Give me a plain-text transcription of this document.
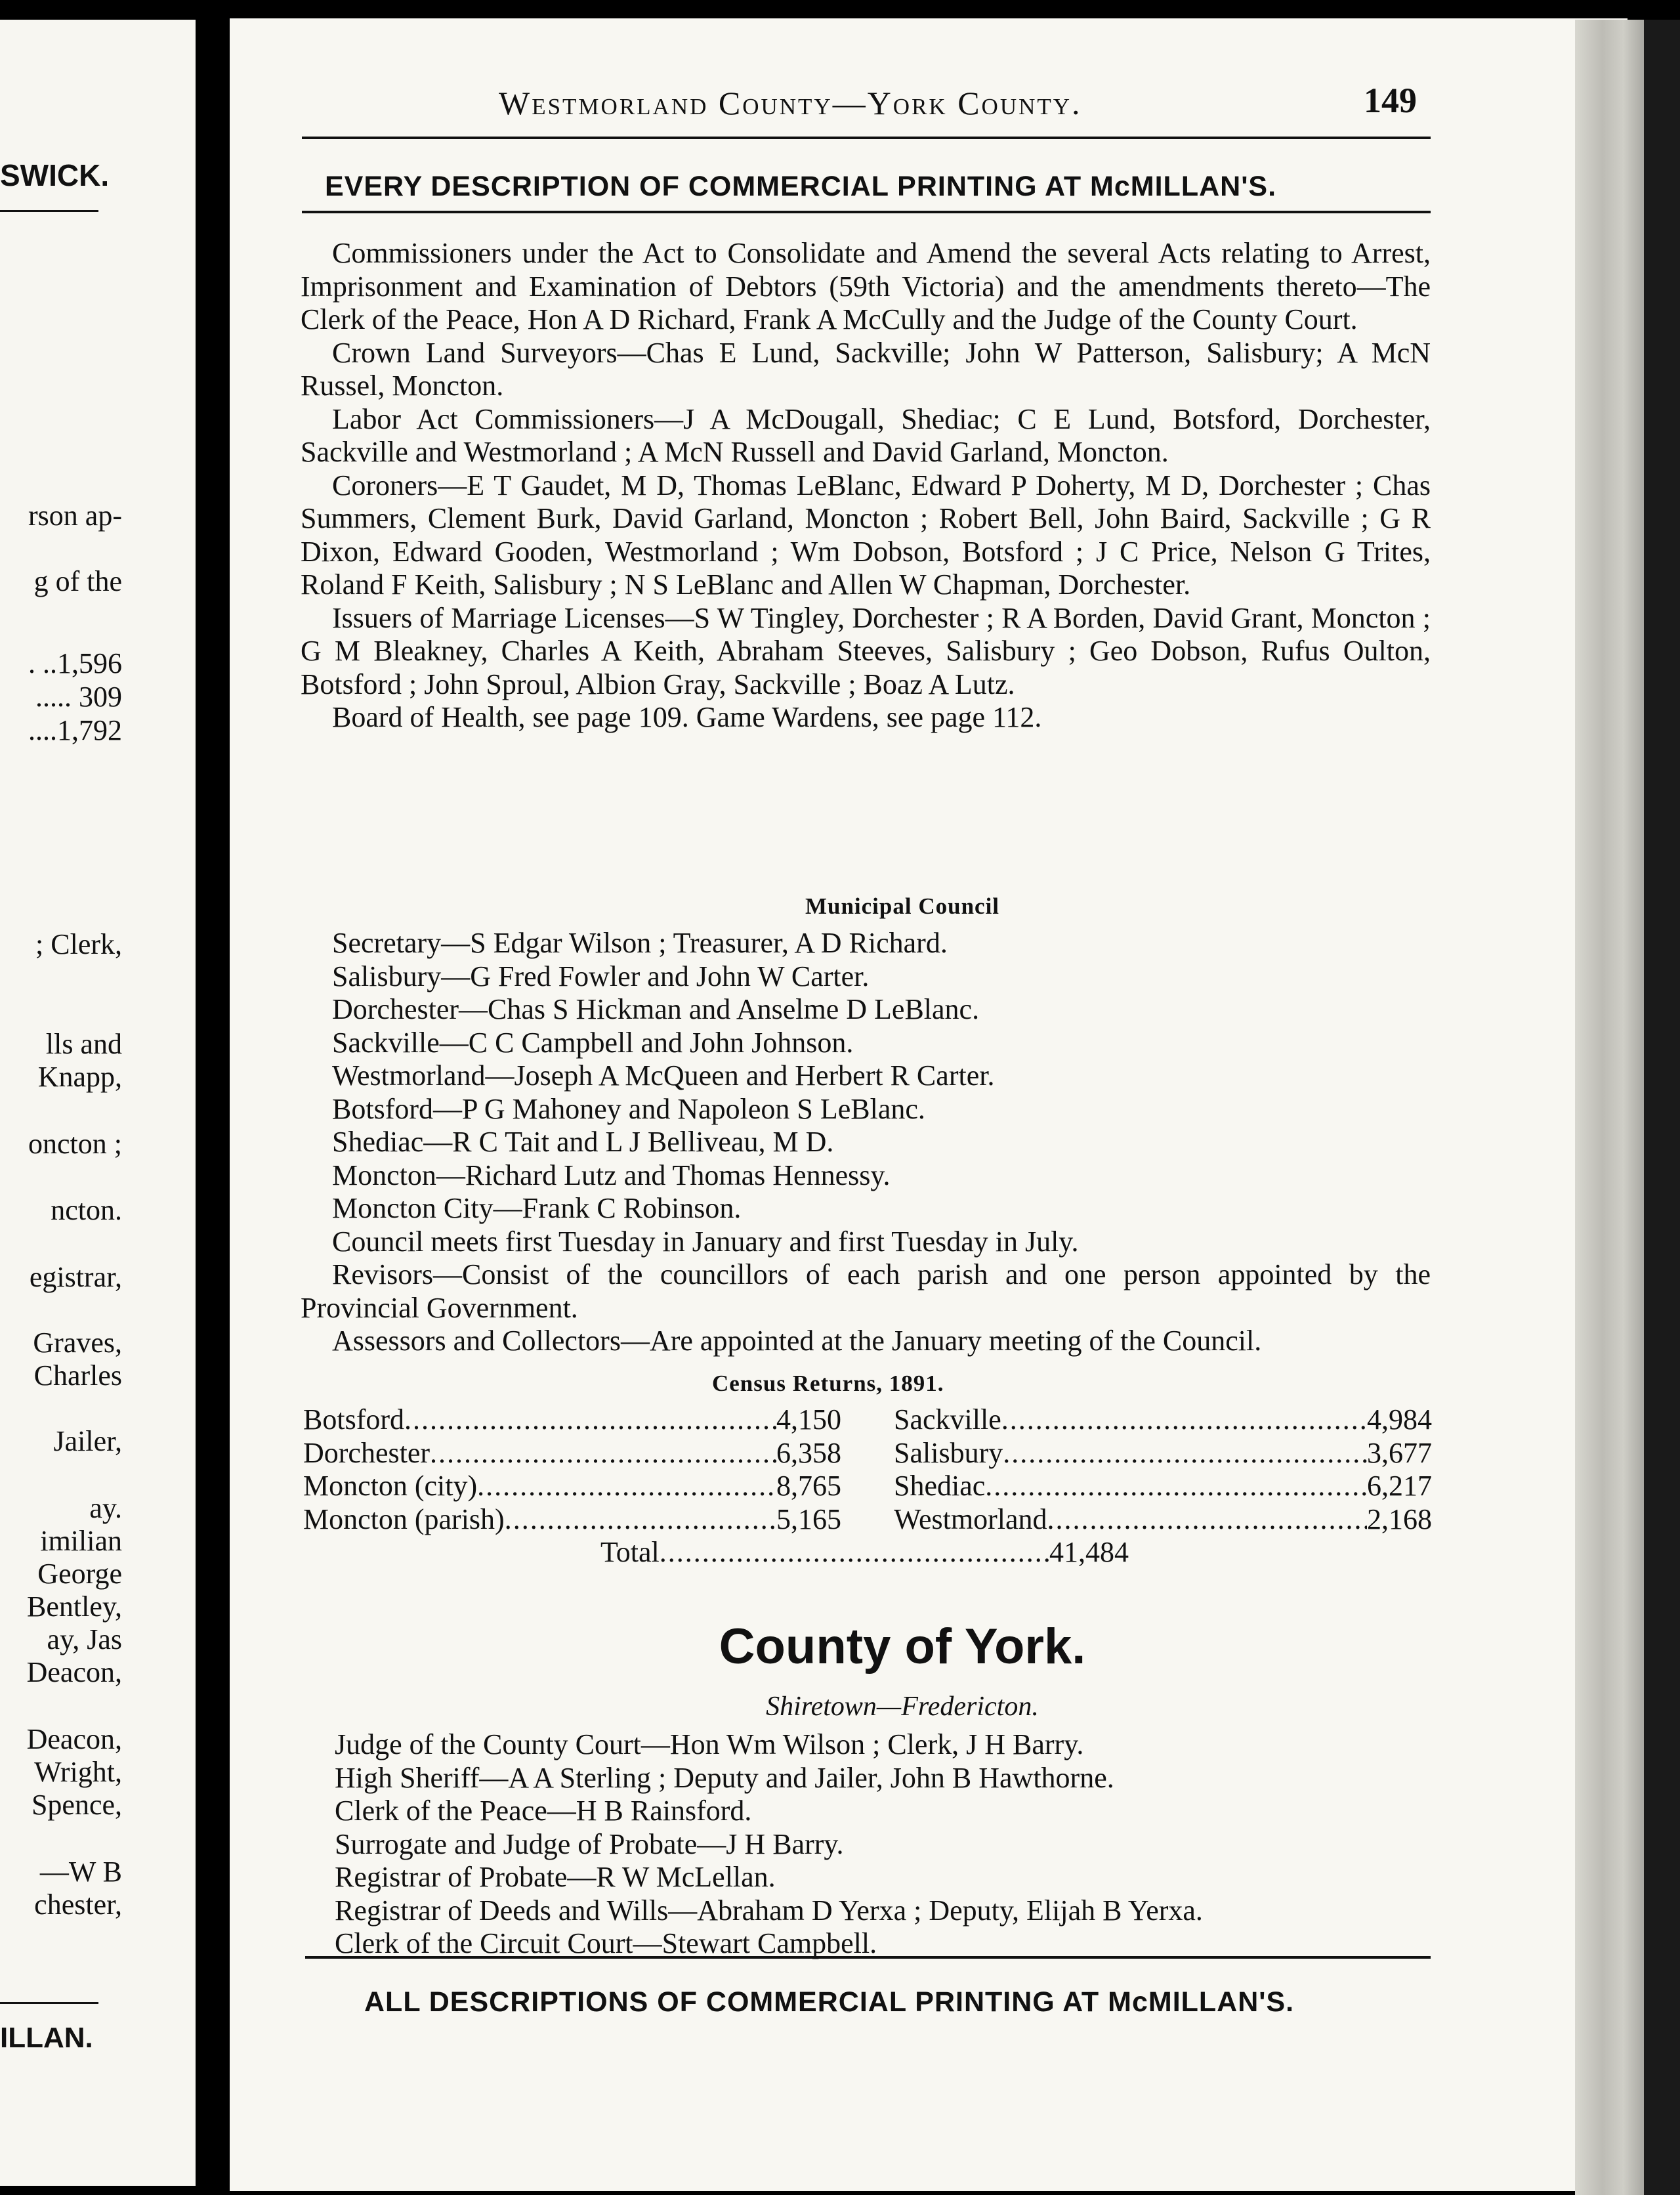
SWICK.
rson ap-
g of the
. ..1,596
..... 309
....1,792
; Clerk,
lls and
Knapp,
oncton ;
ncton.
egistrar,
Graves,
Charles
Jailer,
ay.
imilian
George
Bentley,
ay, Jas
Deacon,
Deacon,
Wright,
Spence,
—W B
chester,
ILLAN.
Westmorland County—York County.	149
EVERY DESCRIPTION OF COMMERCIAL PRINTING AT McMILLAN'S.

Commissioners under the Act to Consolidate and Amend the several Acts relating to Arrest, Imprisonment and Examination of Debtors (59th Victoria) and the amendments thereto—The Clerk of the Peace, Hon A D Richard, Frank A McCully and the Judge of the County Court.

Crown Land Surveyors—Chas E Lund, Sackville; John W Patterson, Salisbury; A McN Russel, Moncton.

Labor Act Commissioners—J A McDougall, Shediac; C E Lund, Botsford, Dorchester, Sackville and Westmorland ; A McN Russell and David Garland, Moncton.

Coroners—E T Gaudet, M D, Thomas LeBlanc, Edward P Doherty, M D, Dorchester ; Chas Summers, Clement Burk, David Garland, Moncton ; Robert Bell, John Baird, Sackville ; G R Dixon, Edward Gooden, Westmorland ; Wm Dobson, Botsford ; J C Price, Nelson G Trites, Roland F Keith, Salisbury ; N S LeBlanc and Allen W Chapman, Dorchester.

Issuers of Marriage Licenses—S W Tingley, Dorchester ; R A Borden, David Grant, Moncton ; G M Bleakney, Charles A Keith, Abraham Steeves, Salisbury ; Geo Dobson, Rufus Oulton, Botsford ; John Sproul, Albion Gray, Sackville ; Boaz A Lutz.

Board of Health, see page 109. Game Wardens, see page 112.

Municipal Council

Secretary—S Edgar Wilson ; Treasurer, A D Richard.

Salisbury—G Fred Fowler and John W Carter.

Dorchester—Chas S Hickman and Anselme D LeBlanc.

Sackville—C C Campbell and John Johnson.

Westmorland—Joseph A McQueen and Herbert R Carter.

Botsford—P G Mahoney and Napoleon S LeBlanc.

Shediac—R C Tait and L J Belliveau, M D.

Moncton—Richard Lutz and Thomas Hennessy.

Moncton City—Frank C Robinson.

Council meets first Tuesday in January and first Tuesday in July.

Revisors—Consist of the councillors of each parish and one person appointed by the Provincial Government.

Assessors and Collectors—Are appointed at the January meeting of the Council.

Census Returns, 1891.
Botsford .....	4,150
Dorchester .....	6,358
Moncton (city) .....	8,765
Moncton (parish) .....	5,165
Sackville .....	4,984
Salisbury .....	3,677
Shediac .....	6,217
Westmorland .....	2,168
Total .....	41,484
County of York.
Shiretown—Fredericton.

Judge of the County Court—Hon Wm Wilson ; Clerk, J H Barry.

High Sheriff—A A Sterling ; Deputy and Jailer, John B Hawthorne.

Clerk of the Peace—H B Rainsford.

Surrogate and Judge of Probate—J H Barry.

Registrar of Probate—R W McLellan.

Registrar of Deeds and Wills—Abraham D Yerxa ; Deputy, Elijah B Yerxa.

Clerk of the Circuit Court—Stewart Campbell.

ALL DESCRIPTIONS OF COMMERCIAL PRINTING AT McMILLAN'S.
